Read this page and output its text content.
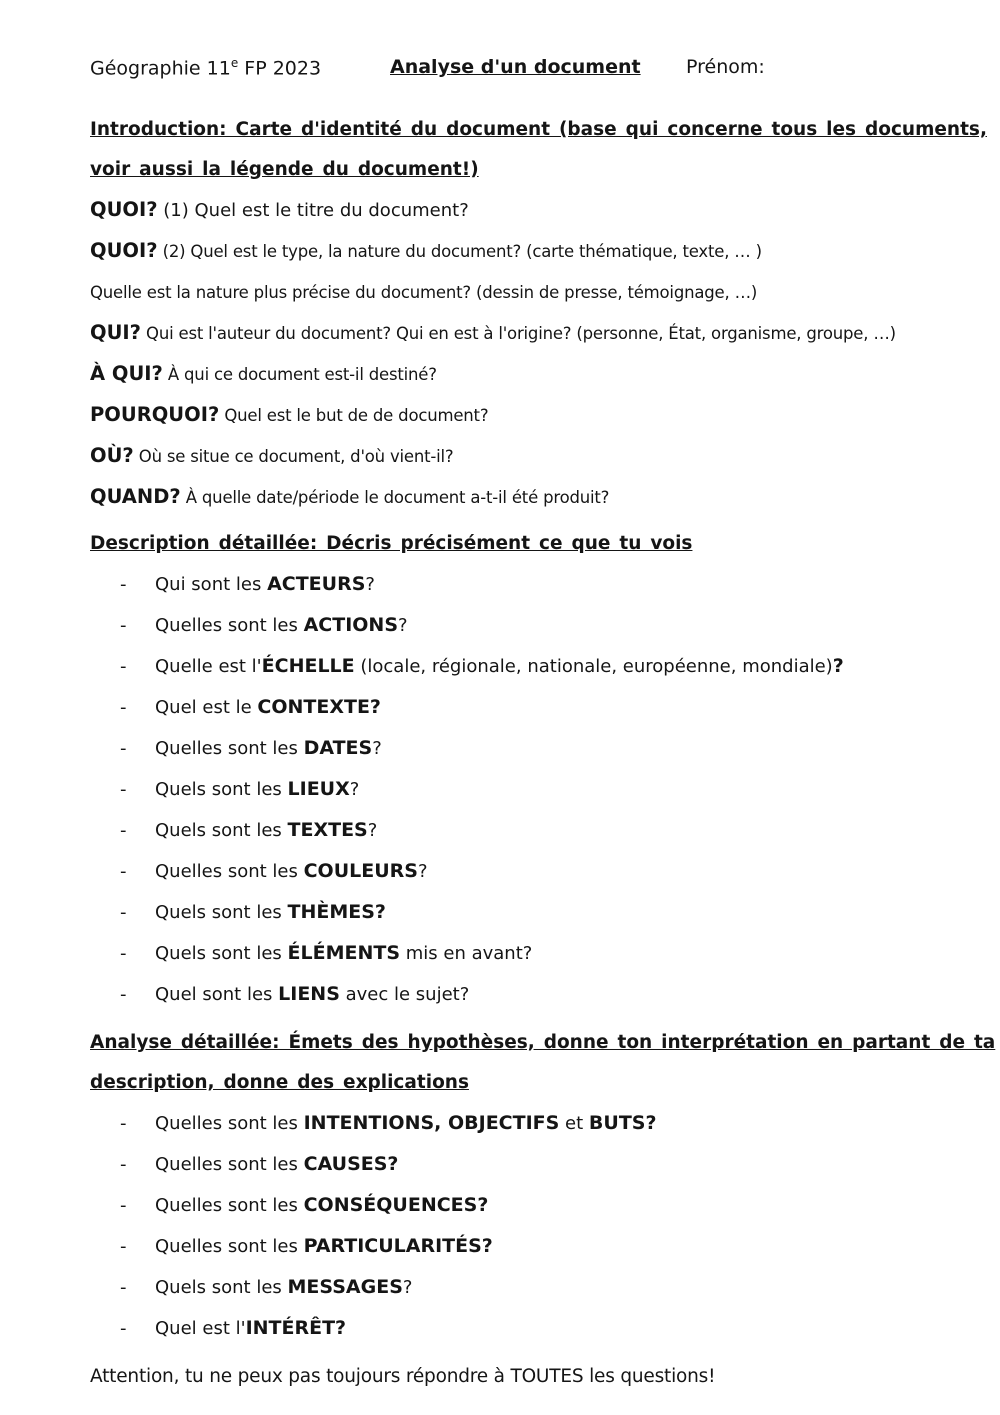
Géographie 11e FP 2023	Analyse d'un document	Prénom:

Introduction: Carte d'identité du document (base qui concerne tous les documents,

voir aussi la légende du document!)

QUOI? (1) Quel est le titre du document?

QUOI? (2) Quel est le type, la nature du document? (carte thématique, texte, … )

Quelle est la nature plus précise du document? (dessin de presse, témoignage, …)

QUI? Qui est l'auteur du document? Qui en est à l'origine? (personne, État, organisme, groupe, …)

À QUI? À qui ce document est-il destiné?

POURQUOI? Quel est le but de de document?

OÙ? Où se situe ce document, d'où vient-il?

QUAND? À quelle date/période le document a-t-il été produit?

Description détaillée: Décris précisément ce que tu vois

- Qui sont les ACTEURS?

- Quelles sont les ACTIONS?

- Quelle est l'ÉCHELLE (locale, régionale, nationale, européenne, mondiale)?

- Quel est le CONTEXTE?

- Quelles sont les DATES?

- Quels sont les LIEUX?

- Quels sont les TEXTES?

- Quelles sont les COULEURS?

- Quels sont les THÈMES?

- Quels sont les ÉLÉMENTS mis en avant?

- Quel sont les LIENS avec le sujet?

Analyse détaillée: Émets des hypothèses, donne ton interprétation en partant de ta

description, donne des explications

- Quelles sont les INTENTIONS, OBJECTIFS et BUTS?

- Quelles sont les CAUSES?

- Quelles sont les CONSÉQUENCES?

- Quelles sont les PARTICULARITÉS?

- Quels sont les MESSAGES?

- Quel est l'INTÉRÊT?

Attention, tu ne peux pas toujours répondre à TOUTES les questions!
